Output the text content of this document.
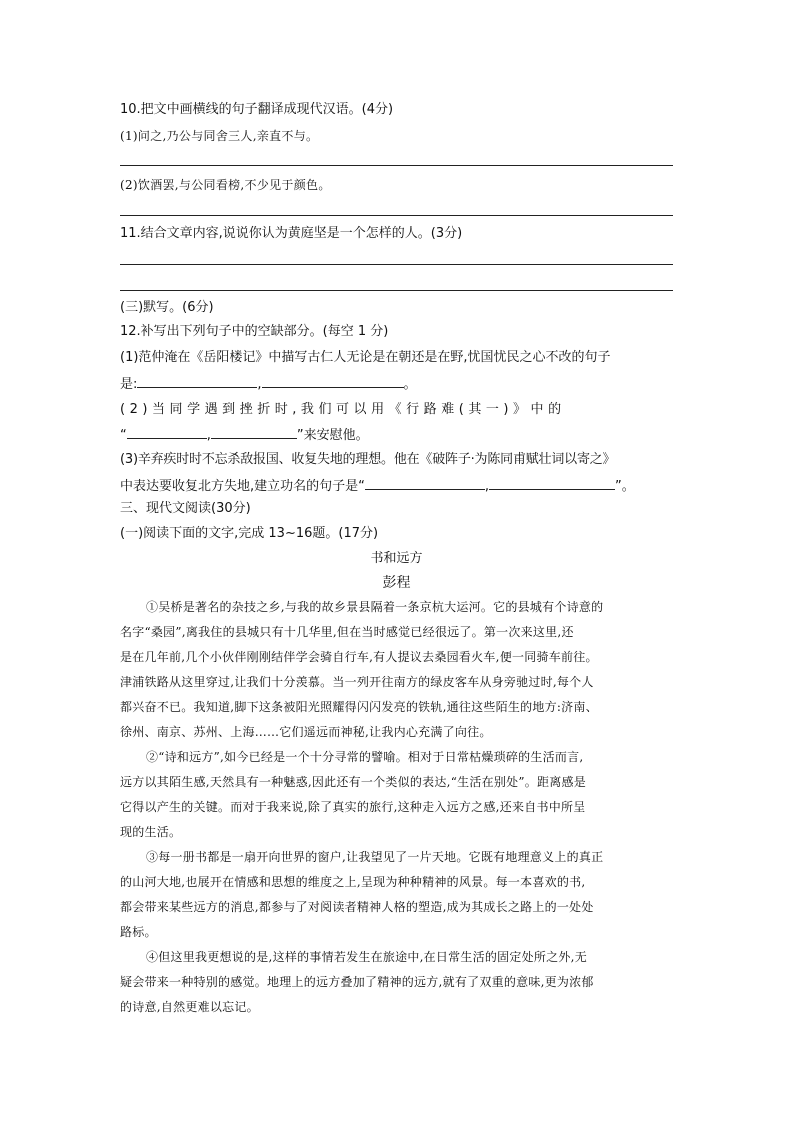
10.把文中画横线的句子翻译成现代汉语。(4分)
(1)问之,乃公与同舍三人,亲直不与。
(2)饮酒罢,与公同看榜,不少见于颜色。
11.结合文章内容,说说你认为黄庭坚是一个怎样的人。(3分)
(三)默写。(6分)
12.补写出下列句子中的空缺部分。(每空 1 分)
(1)范仲淹在《岳阳楼记》中描写古仁人无论是在朝还是在野,忧国忧民之心不改的句子
是:	,	。
( 2 ) 当 同 学 遇 到 挫 折 时 , 我 们 可 以 用 《 行 路 难 ( 其 一 ) 》 中 的
“	,	”来安慰他。
(3)辛弃疾时时不忘杀敌报国、收复失地的理想。他在《破阵子·为陈同甫赋壮词以寄之》
中表达要收复北方失地,建立功名的句子是“	,	”。
三、现代文阅读(30分)
(一)阅读下面的文字,完成 13~16题。(17分)
书和远方
彭程
①吴桥是著名的杂技之乡,与我的故乡景县隔着一条京杭大运河。它的县城有个诗意的
名字“桑园”,离我住的县城只有十几华里,但在当时感觉已经很远了。第一次来这里,还
是在几年前,几个小伙伴刚刚结伴学会骑自行车,有人提议去桑园看火车,便一同骑车前往。
津浦铁路从这里穿过,让我们十分羡慕。当一列开往南方的绿皮客车从身旁驰过时,每个人
都兴奋不已。我知道,脚下这条被阳光照耀得闪闪发亮的铁轨,通往这些陌生的地方:济南、
徐州、南京、苏州、上海……它们遥远而神秘,让我内心充满了向往。
②“诗和远方”,如今已经是一个十分寻常的譬喻。相对于日常枯燥琐碎的生活而言,
远方以其陌生感,天然具有一种魅惑,因此还有一个类似的表达,“生活在别处”。距离感是
它得以产生的关键。而对于我来说,除了真实的旅行,这种走入远方之感,还来自书中所呈
现的生活。
③每一册书都是一扇开向世界的窗户,让我望见了一片天地。它既有地理意义上的真正
的山河大地,也展开在情感和思想的维度之上,呈现为种种精神的风景。每一本喜欢的书,
都会带来某些远方的消息,都参与了对阅读者精神人格的塑造,成为其成长之路上的一处处
路标。
④但这里我更想说的是,这样的事情若发生在旅途中,在日常生活的固定处所之外,无
疑会带来一种特别的感觉。地理上的远方叠加了精神的远方,就有了双重的意味,更为浓郁
的诗意,自然更难以忘记。
